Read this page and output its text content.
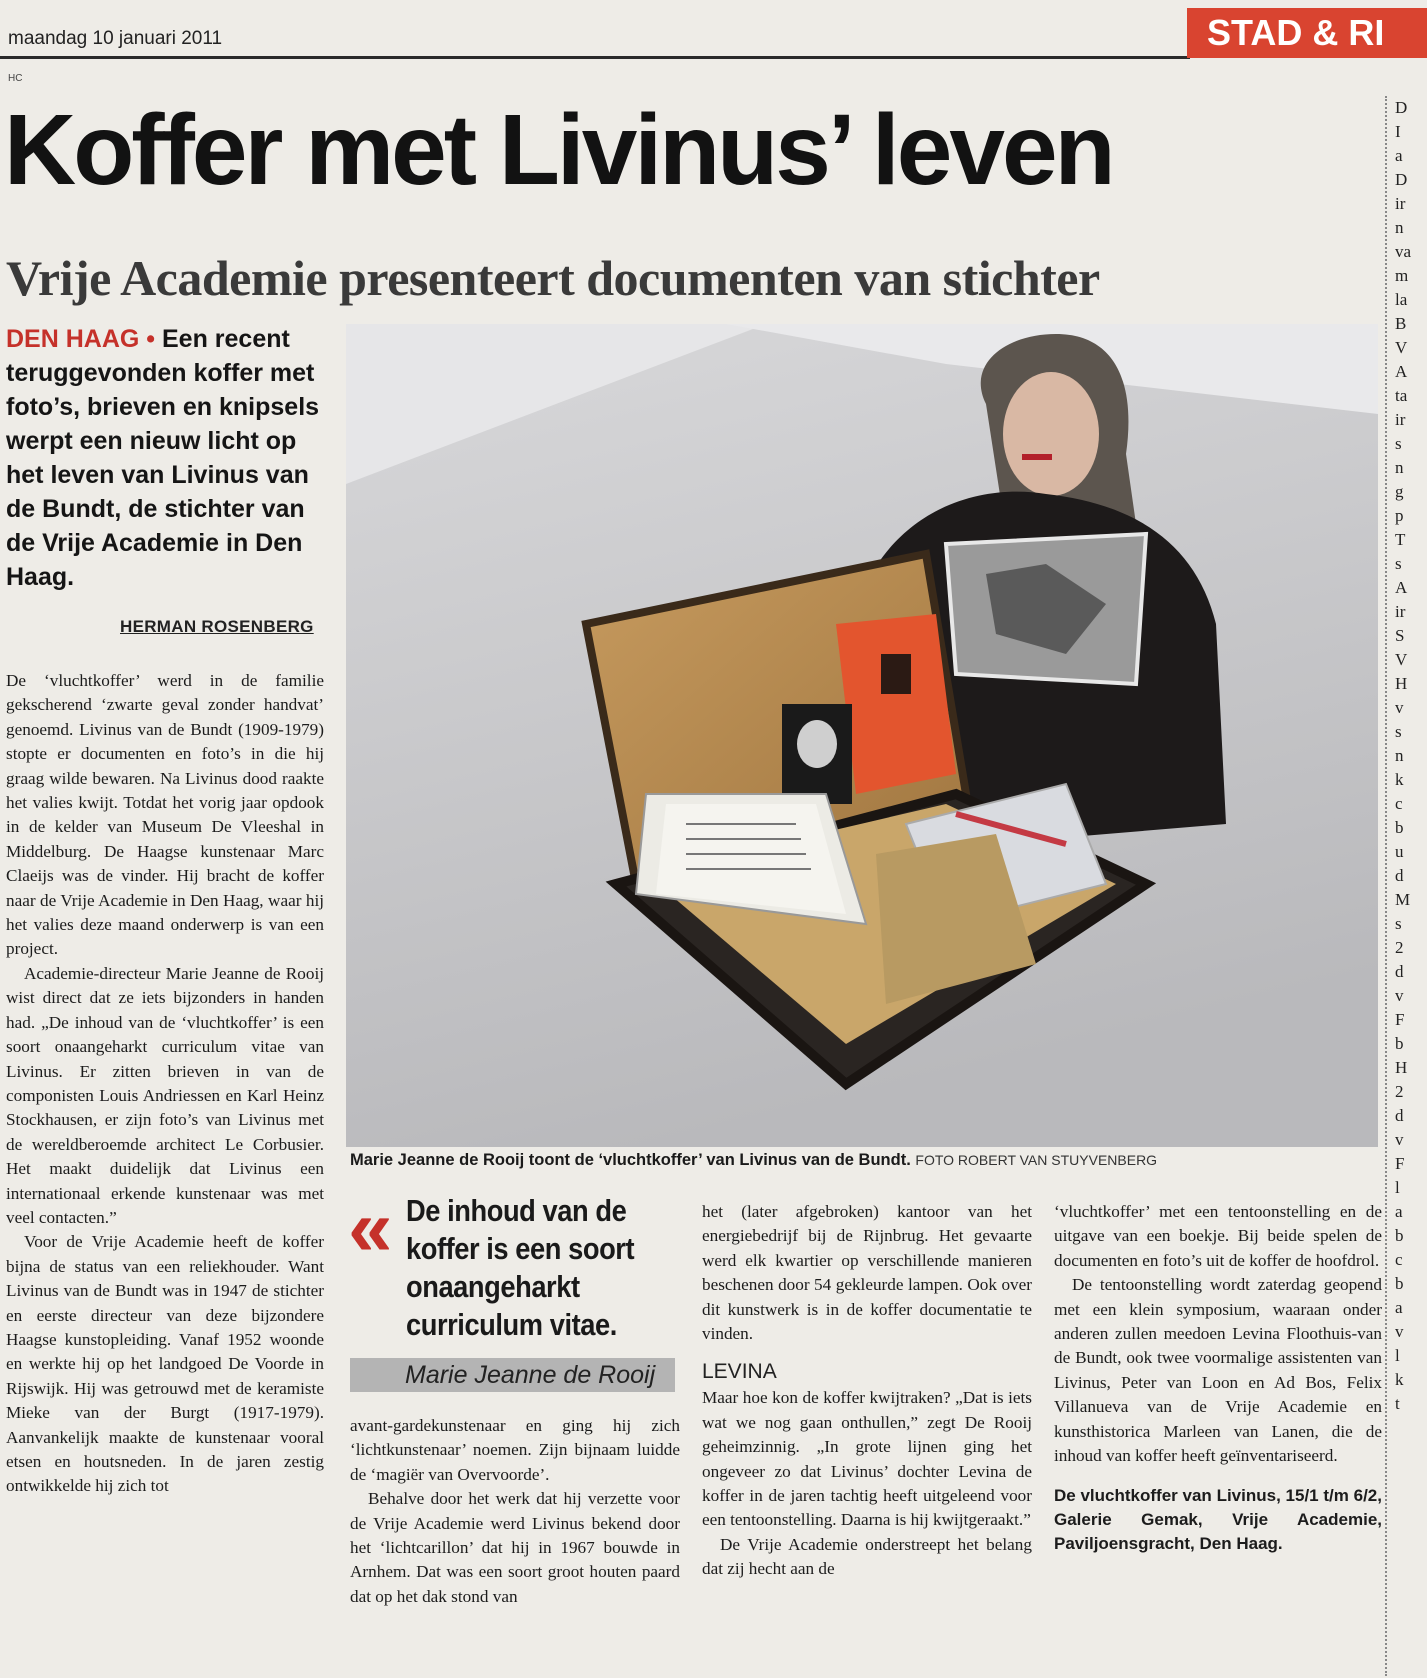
maandag 10 januari 2011	STAD & RI
HC
Koffer met Livinus’ leven
Vrije Academie presenteert documenten van stichter
DEN HAAG • Een recent teruggevonden koffer met foto’s, brieven en knipsels werpt een nieuw licht op het leven van Livinus van de Bundt, de stichter van de Vrije Academie in Den Haag.
HERMAN ROSENBERG

De ‘vluchtkoffer’ werd in de familie gekscherend ‘zwarte geval zonder handvat’ genoemd. Livinus van de Bundt (1909-1979) stopte er documenten en foto’s in die hij graag wilde bewaren. Na Livinus dood raakte het valies kwijt. Totdat het vorig jaar opdook in de kelder van Museum De Vleeshal in Middelburg. De Haagse kunstenaar Marc Claeijs was de vinder. Hij bracht de koffer naar de Vrije Academie in Den Haag, waar hij het valies deze maand onderwerp is van een project.

Academie-directeur Marie Jeanne de Rooij wist direct dat ze iets bijzonders in handen had. „De inhoud van de ‘vluchtkoffer’ is een soort onaangeharkt curriculum vitae van Livinus. Er zitten brieven in van de componisten Louis Andriessen en Karl Heinz Stockhausen, er zijn foto’s van Livinus met de wereldberoemde architect Le Corbusier. Het maakt duidelijk dat Livinus een internationaal erkende kunstenaar was met veel contacten.”

Voor de Vrije Academie heeft de koffer bijna de status van een reliekhouder. Want Livinus van de Bundt was in 1947 de stichter en eerste directeur van deze bijzondere Haagse kunstopleiding. Vanaf 1952 woonde en werkte hij op het landgoed De Voorde in Rijswijk. Hij was getrouwd met de keramiste Mieke van der Burgt (1917-1979). Aanvankelijk maakte de kunstenaar vooral etsen en houtsneden. In de jaren zestig ontwikkelde hij zich tot

Marie Jeanne de Rooij toont de ‘vluchtkoffer’ van Livinus van de Bundt. FOTO ROBERT VAN STUYVENBERG
« De inhoud van de koffer is een soort onaangeharkt curriculum vitae.
Marie Jeanne de Rooij

avant-gardekunstenaar en ging hij zich ‘lichtkunstenaar’ noemen. Zijn bijnaam luidde de ‘magiër van Overvoorde’.

Behalve door het werk dat hij verzette voor de Vrije Academie werd Livinus bekend door het ‘lichtcarillon’ dat hij in 1967 bouwde in Arnhem. Dat was een soort groot houten paard dat op het dak stond van

het (later afgebroken) kantoor van het energiebedrijf bij de Rijnbrug. Het gevaarte werd elk kwartier op verschillende manieren beschenen door 54 gekleurde lampen. Ook over dit kunstwerk is in de koffer documentatie te vinden.

LEVINA

Maar hoe kon de koffer kwijtraken? „Dat is iets wat we nog gaan onthullen,” zegt De Rooij geheimzinnig. „In grote lijnen ging het ongeveer zo dat Livinus’ dochter Levina de koffer in de jaren tachtig heeft uitgeleend voor een tentoonstelling. Daarna is hij kwijtgeraakt.”

De Vrije Academie onderstreept het belang dat zij hecht aan de

‘vluchtkoffer’ met een tentoonstelling en de uitgave van een boekje. Bij beide spelen de documenten en foto’s uit de koffer de hoofdrol.

De tentoonstelling wordt zaterdag geopend met een klein symposium, waaraan onder anderen zullen meedoen Levina Floothuis-van de Bundt, ook twee voormalige assistenten van Livinus, Peter van Loon en Ad Bos, Felix Villanueva van de Vrije Academie en kunsthistorica Marleen van Lanen, die de inhoud van koffer heeft geïnventariseerd.

De vluchtkoffer van Livinus, 15/1 t/m 6/2, Galerie Gemak, Vrije Academie, Paviljoensgracht, Den Haag.
D
I
a
D
ir
n
va
m
la
B
V
A
ta
ir
s
n
g
p
T
s
A
ir
S
V
H
v
s
n
k
c
b
u
d
M
s
2
d
v
F
b
H
2
d
v
F
l
a
b
c
b
a
v
l
k
t
